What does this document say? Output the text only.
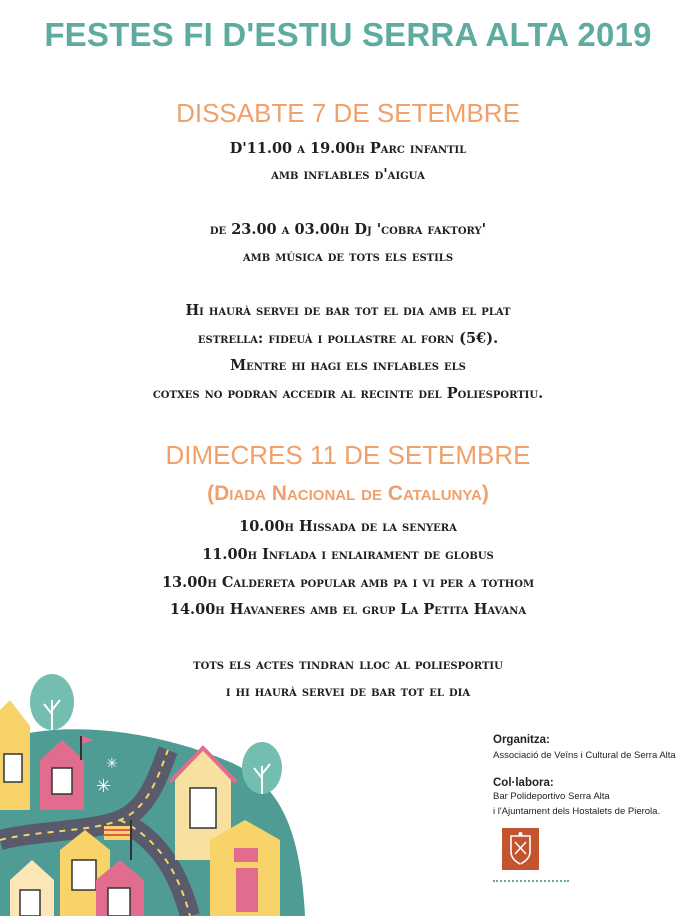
FESTES FI D'ESTIU SERRA ALTA 2019
DISSABTE 7 DE SETEMBRE
D'11.00 a 19.00h Parc infantil
amb inflables d'aigua
de 23.00 a 03.00h Dj 'cobra faktory'
amb música de tots els estils
Hi haurà servei de bar tot el dia amb el plat
estrella: fideuà i pollastre al forn (5€).
Mentre hi hagi els inflables els
cotxes no podran accedir al recinte del Poliesportiu.
DIMECRES 11 DE SETEMBRE
(Diada Nacional de Catalunya)
10.00h Hissada de la senyera
11.00h Inflada i enlairament de globus
13.00h Caldereta popular amb pa i vi per a tothom
14.00h Havaneres amb el grup La Petita Havana
tots els actes tindran lloc al poliesportiu
i hi haurà servei de bar tot el dia
✳
✳
Organitza:
Associació de Veïns i Cultural de Serra Alta
Col·labora:
Bar Polideportivo Serra Alta
i l'Ajuntament dels Hostalets de Pierola.
